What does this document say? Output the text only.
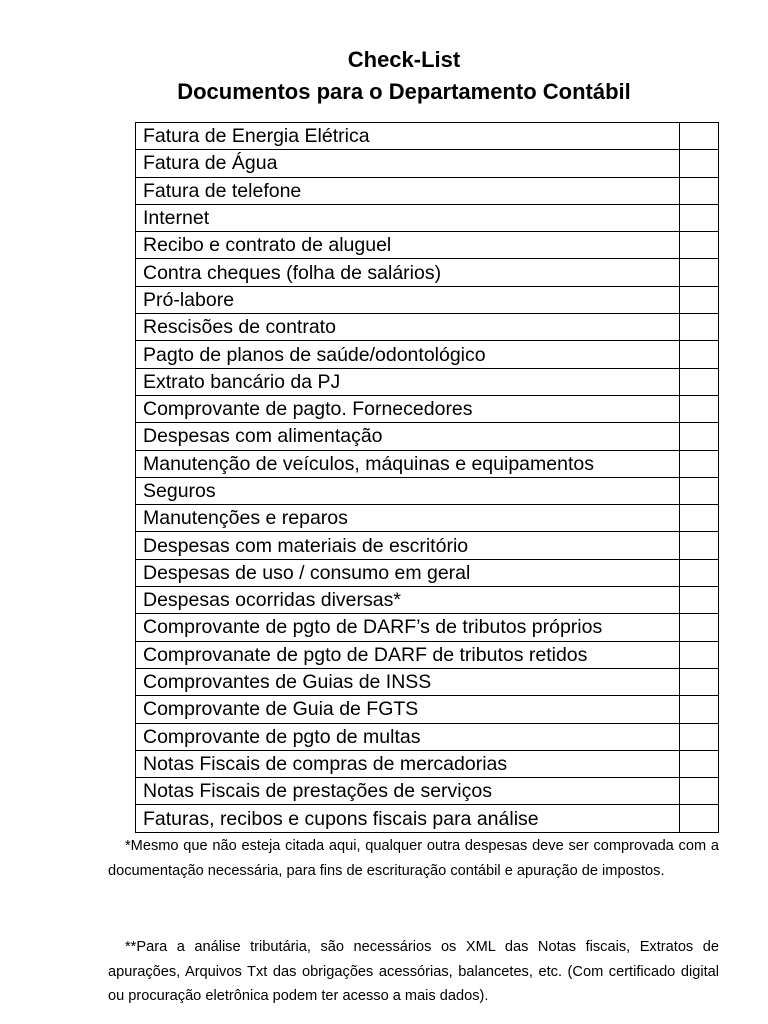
Check-List
Documentos para o Departamento Contábil
Fatura de Energia Elétrica	
Fatura de Água	
Fatura de telefone	
Internet	
Recibo e contrato de aluguel	
Contra cheques (folha de salários)	
Pró-labore	
Rescisões de contrato	
Pagto de planos de saúde/odontológico	
Extrato bancário da PJ	
Comprovante de pagto. Fornecedores	
Despesas com alimentação	
Manutenção de veículos, máquinas e equipamentos	
Seguros	
Manutenções e reparos	
Despesas com materiais de escritório	
Despesas de uso / consumo em geral	
Despesas ocorridas diversas*	
Comprovante de pgto de DARF’s de tributos próprios	
Comprovanate de pgto de DARF de tributos retidos	
Comprovantes de Guias de INSS	
Comprovante de Guia de FGTS	
Comprovante de pgto de multas	
Notas Fiscais de compras de mercadorias	
Notas Fiscais de prestações de serviços	
Faturas, recibos e cupons fiscais para análise	
*Mesmo que não esteja citada aqui, qualquer outra despesas deve ser comprovada com a documentação necessária, para fins de escrituração contábil e apuração de impostos.
**Para a análise tributária, são necessários os XML das Notas fiscais, Extratos de apurações, Arquivos Txt das obrigações acessórias, balancetes, etc. (Com certificado digital ou procuração eletrônica podem ter acesso a mais dados).
